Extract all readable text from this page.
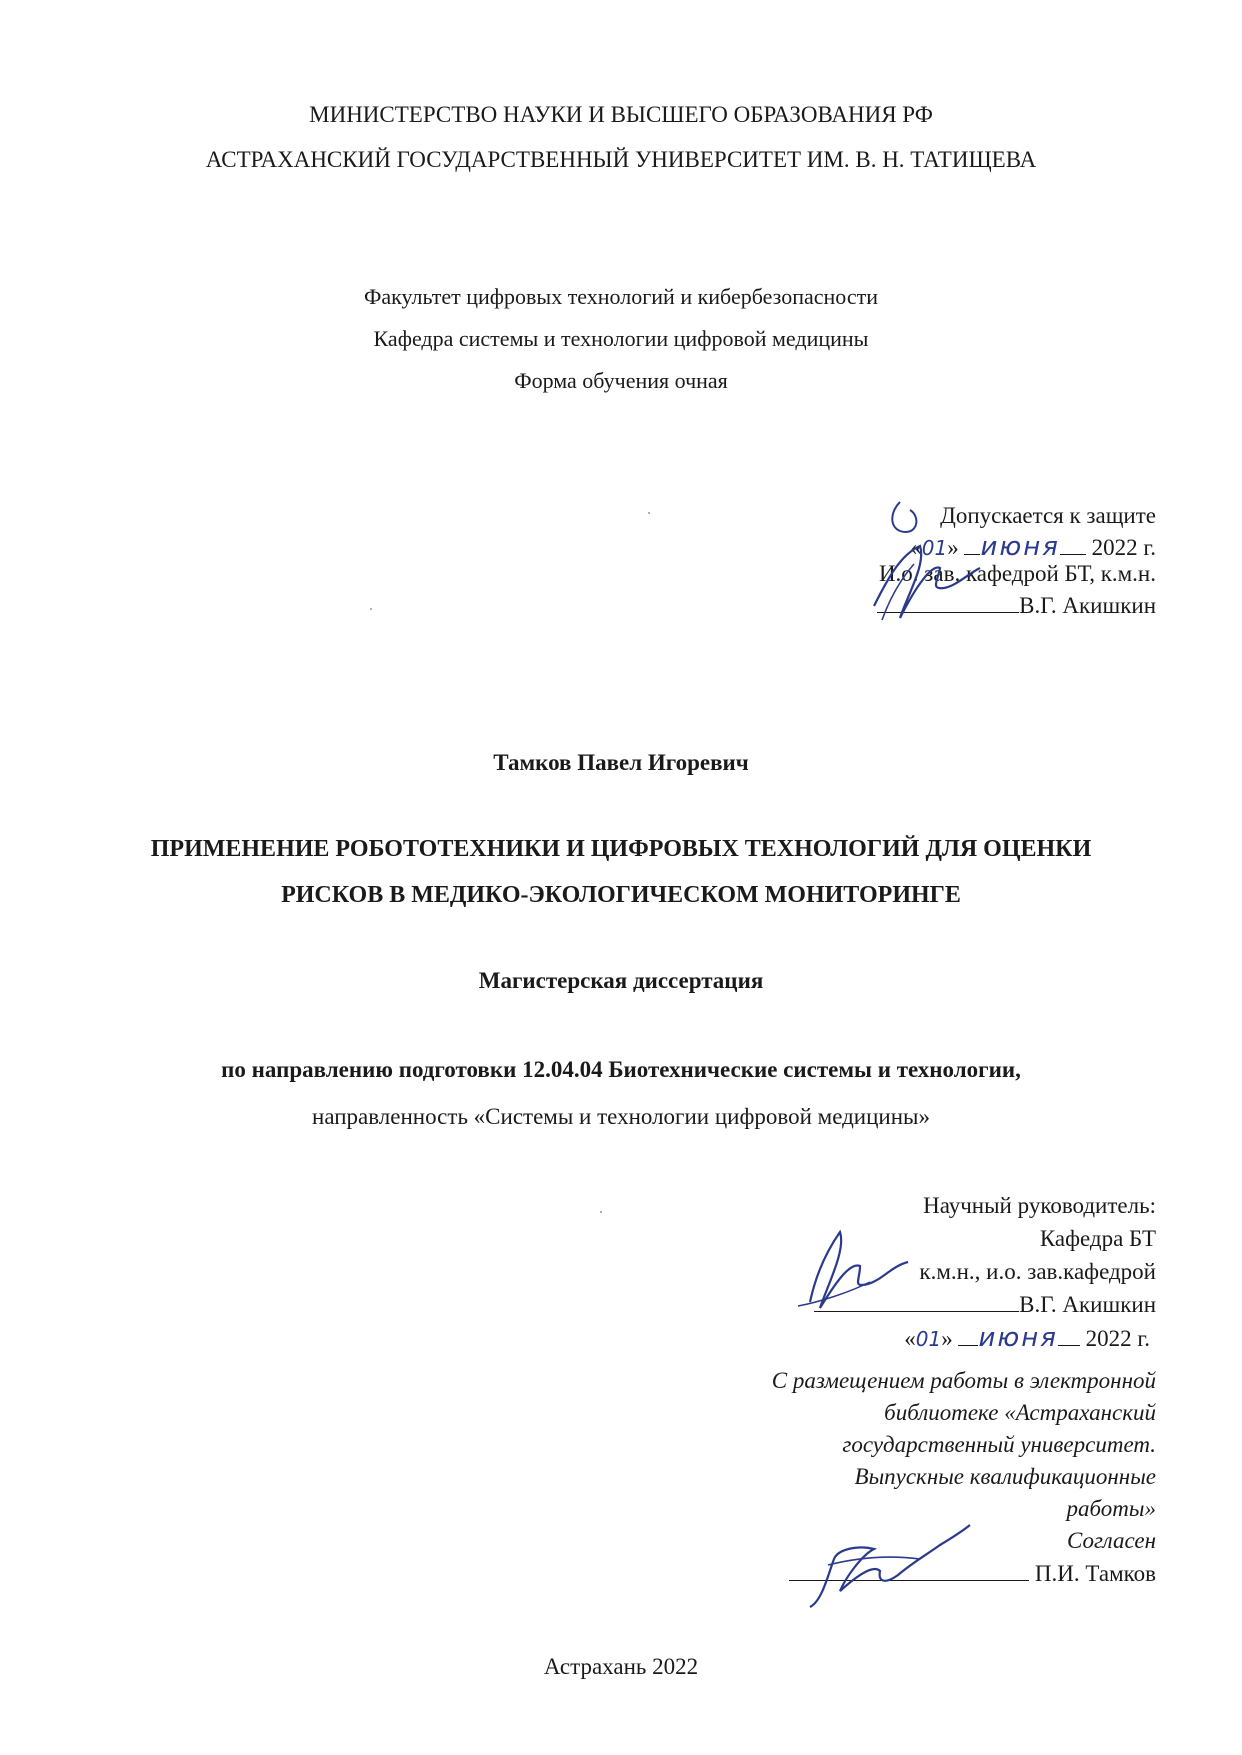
МИНИСТЕРСТВО НАУКИ И ВЫСШЕГО ОБРАЗОВАНИЯ РФ
АСТРАХАНСКИЙ ГОСУДАРСТВЕННЫЙ УНИВЕРСИТЕТ ИМ. В. Н. ТАТИЩЕВА
Факультет цифровых технологий и кибербезопасности
Кафедра системы и технологии цифровой медицины
Форма обучения очная
Допускается к защите
«01» июня 2022 г.
И.о. зав. кафедрой БТ, к.м.н.
В.Г. Акишкин
Тамков Павел Игоревич
ПРИМЕНЕНИЕ РОБОТОТЕХНИКИ И ЦИФРОВЫХ ТЕХНОЛОГИЙ ДЛЯ ОЦЕНКИ
РИСКОВ В МЕДИКО-ЭКОЛОГИЧЕСКОМ МОНИТОРИНГЕ
Магистерская диссертация
по направлению подготовки 12.04.04 Биотехнические системы и технологии,
направленность «Системы и технологии цифровой медицины»
Научный руководитель:
Кафедра БТ
к.м.н., и.о. зав.кафедрой
В.Г. Акишкин
«01» июня 2022 г.
С размещением работы в электронной
библиотеке «Астраханский
государственный университет.
Выпускные квалификационные
работы»
Согласен
П.И. Тамков
Астрахань 2022
